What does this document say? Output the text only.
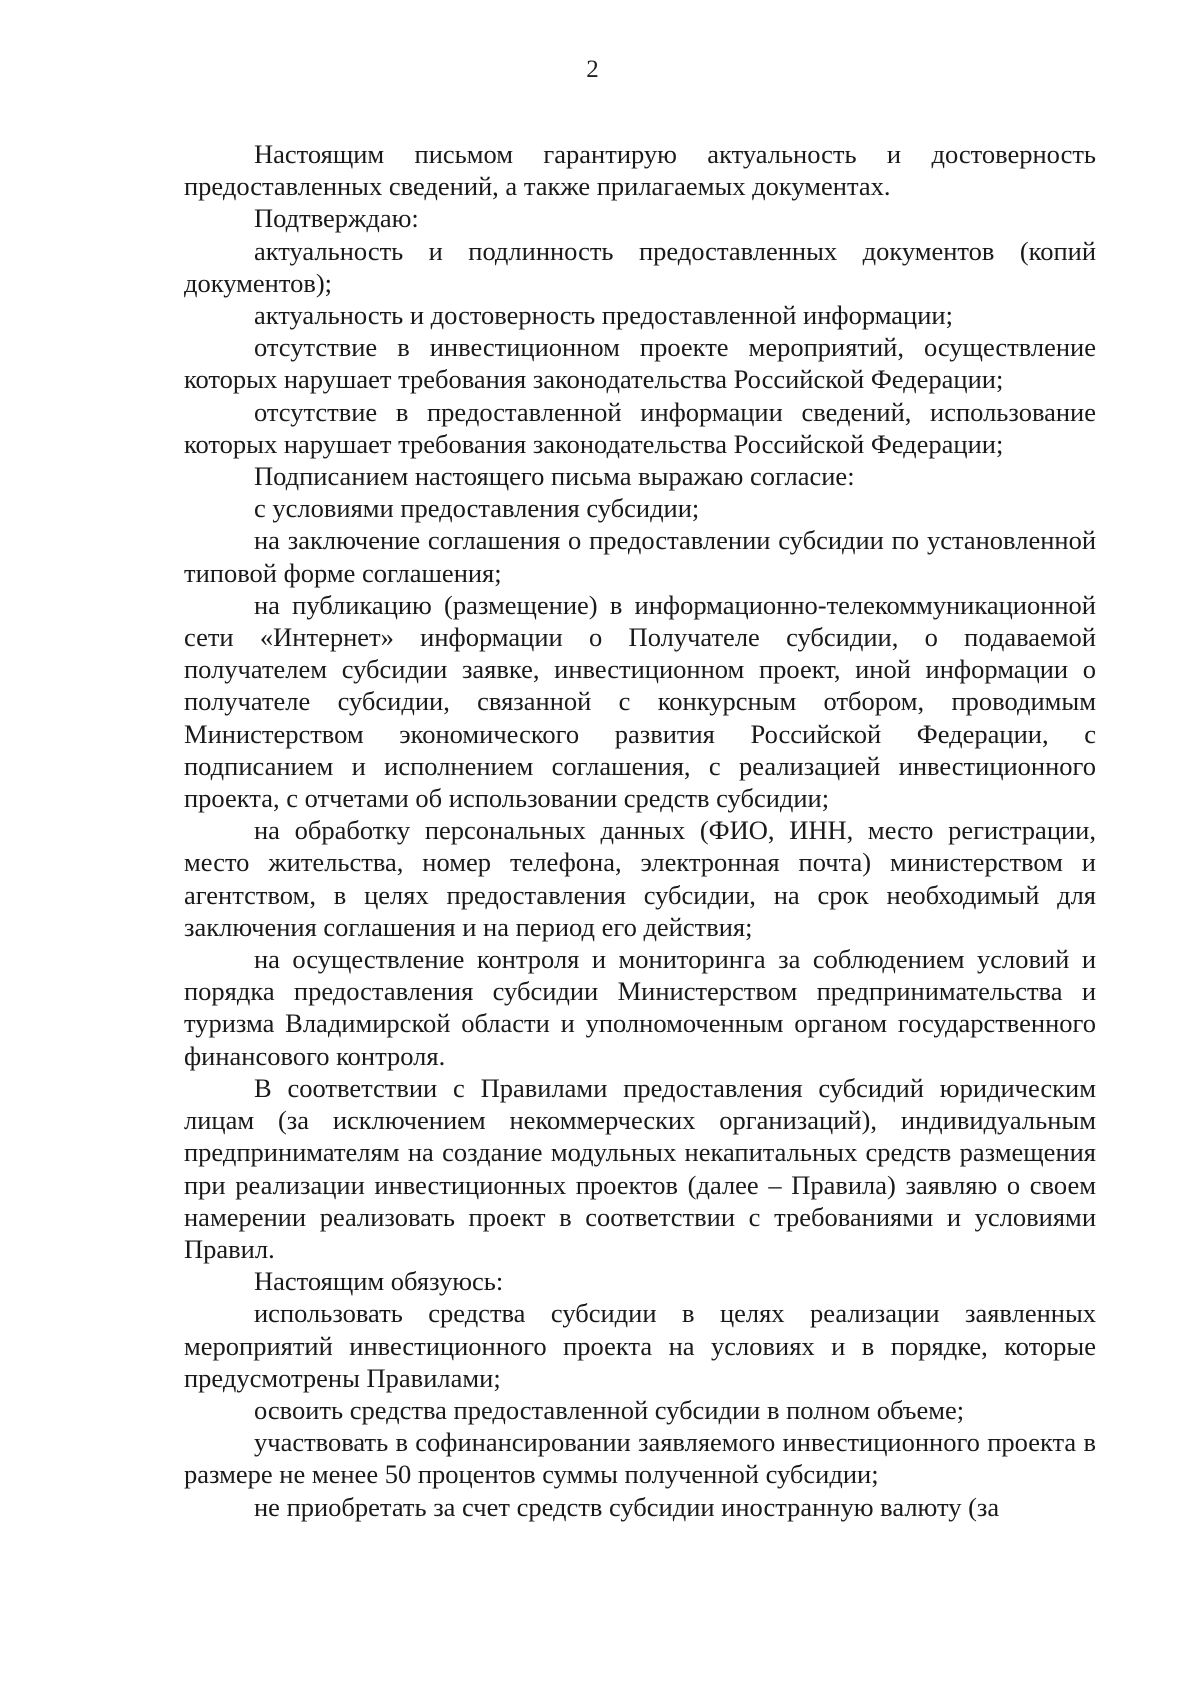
2

Настоящим письмом гарантирую актуальность и достоверность предоставленных сведений, а также прилагаемых документах.

Подтверждаю:

актуальность и подлинность предоставленных документов (копий документов);

актуальность и достоверность предоставленной информации;

отсутствие в инвестиционном проекте мероприятий, осуществление которых нарушает требования законодательства Российской Федерации;

отсутствие в предоставленной информации сведений, использование которых нарушает требования законодательства Российской Федерации;

Подписанием настоящего письма выражаю согласие:

с условиями предоставления субсидии;

на заключение соглашения о предоставлении субсидии по установленной типовой форме соглашения;

на публикацию (размещение) в информационно-телекоммуникационной сети «Интернет» информации о Получателе субсидии, о подаваемой получателем субсидии заявке, инвестиционном проект, иной информации о получателе субсидии, связанной с конкурсным отбором, проводимым Министерством экономического развития Российской Федерации, с подписанием и исполнением соглашения, с реализацией инвестиционного проекта, с отчетами об использовании средств субсидии;

на обработку персональных данных (ФИО, ИНН, место регистрации, место жительства, номер телефона, электронная почта) министерством и агентством, в целях предоставления субсидии, на срок необходимый для заключения соглашения и на период его действия;

на осуществление контроля и мониторинга за соблюдением условий и порядка предоставления субсидии Министерством предпринимательства и туризма Владимирской области и уполномоченным органом государственного финансового контроля.

В соответствии с Правилами предоставления субсидий юридическим лицам (за исключением некоммерческих организаций), индивидуальным предпринимателям на создание модульных некапитальных средств размещения при реализации инвестиционных проектов (далее – Правила) заявляю о своем намерении реализовать проект в соответствии с требованиями и условиями Правил.

Настоящим обязуюсь:

использовать средства субсидии в целях реализации заявленных мероприятий инвестиционного проекта на условиях и в порядке, которые предусмотрены Правилами;

освоить средства предоставленной субсидии в полном объеме;

участвовать в софинансировании заявляемого инвестиционного проекта в размере не менее 50 процентов суммы полученной субсидии;

не приобретать за счет средств субсидии иностранную валюту (за
